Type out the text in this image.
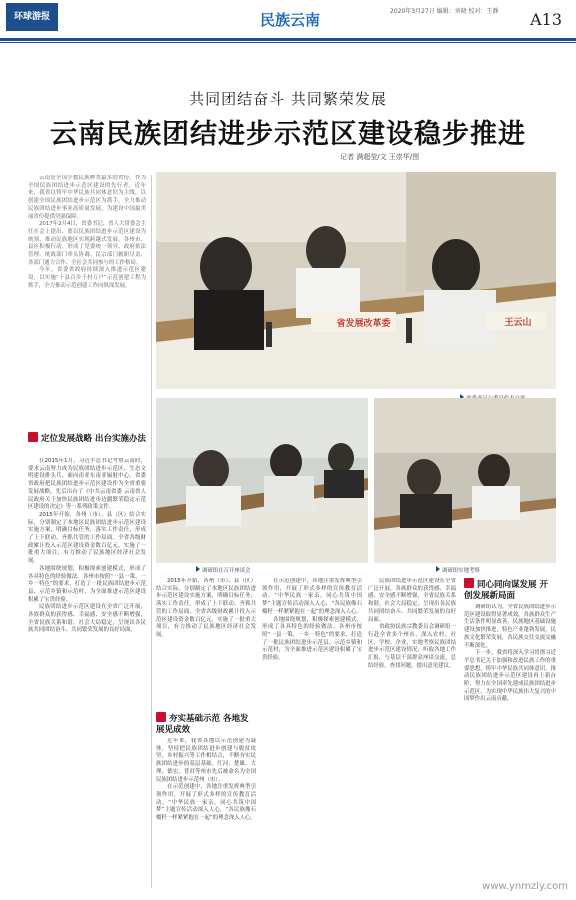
环球游报	民族云南	2020年3月27日 编辑：刘晓 校对：王静 A13
共同团结奋斗 共同繁荣发展
云南民族团结进步示范区建设稳步推进
记者 满超莹/文 王崇华/图

云南是全国少数民族种类最多的省份，作为全国民族团结进步示范区建设的先行者，近年来，我省以铸牢中华民族共同体意识为主线，以创建全国民族团结进步示范区为抓手，全力推动民族团结进步事业高质量发展，为建设中国最美丽省份提供坚强保障。

2017年2月4日，省委书记、省人大常委会主任在会上提出，要以民族团结进步示范区建设为统领，推动民族地区实现跨越式发展。各州市、县区积极行动，形成了党委统一领导、政府依法管理、统战部门牵头协调、民宗部门履职尽责、各部门通力合作、全社会共同参与的工作格局。

今年，省委省政府持续深入推进示范区建设，以实施“十县百乡千村万户”示范创建工程为抓手，全力推动示范创建工作向纵深发展。

省发展改革委	王云山
定位发展战略 出台实施办法

在2015年1月，习近平总书记考察云南时，要求云南努力成为民族团结进步示范区、生态文明建设排头兵、面向南亚东南亚辐射中心。省委省政府把民族团结进步示范区建设作为全省重要发展战略，先后出台了《中共云南省委 云南省人民政府关于加快民族团结进步边疆繁荣稳定示范区建设的决定》等一系列政策文件。

2015年开始，各州（市）、县（区）结合实际，分别制定了本地区民族团结进步示范区建设实施方案，明确目标任务，落实工作责任，形成了上下联动、齐抓共管的工作局面。全省各级财政累计投入示范区建设资金数百亿元，实施了一批重大项目，有力推动了民族地区经济社会发展。

各地围绕规划，积极探索创建模式，形成了各具特色的经验做法。各州市按照“一县一策、一乡一特色”的要求，打造了一批民族团结进步示范县、示范乡镇和示范村，为全面推进示范区建设积累了宝贵经验。

民族团结进步示范区建设在全省广泛开展，各族群众的获得感、幸福感、安全感不断增强，全省民族关系和谐，社会大局稳定，呈现出各民族共同团结奋斗、共同繁荣发展的良好局面。

调研组在召开座谈会	调研组实地考察
夯实基础示范 各地发展见成效

2015年开始，各州（市）、县（区）结合实际，分别制定了本地区民族团结进步示范区建设实施方案，明确目标任务，落实工作责任，形成了上下联动、齐抓共管的工作局面。全省各级财政累计投入示范区建设资金数百亿元，实施了一批重大项目，有力推动了民族地区经济社会发展。

近年来，我省各地以示范创建为载体，坚持把民族团结进步创建与脱贫攻坚、乡村振兴等工作相结合，不断夯实民族团结进步的基层基础。红河、楚雄、大理、德宏、普洱等州市先后被命名为全国民族团结进步示范州（市）。

在示范创建中，各地注重发挥典型引领作用，开展了形式多样的宣传教育活动。“中华民族一家亲，同心共筑中国梦”主题宣传活动深入人心，“各民族像石榴籽一样紧紧抱在一起”的理念深入人心。

在示范创建中，各地注重发挥典型引领作用，开展了形式多样的宣传教育活动。“中华民族一家亲，同心共筑中国梦”主题宣传活动深入人心，“各民族像石榴籽一样紧紧抱在一起”的理念深入人心。

各地围绕规划，积极探索创建模式，形成了各具特色的经验做法。各州市按照“一县一策、一乡一特色”的要求，打造了一批民族团结进步示范县、示范乡镇和示范村，为全面推进示范区建设积累了宝贵经验。

民族团结进步示范区建设在全省广泛开展，各族群众的获得感、幸福感、安全感不断增强，全省民族关系和谐，社会大局稳定，呈现出各民族共同团结奋斗、共同繁荣发展的良好局面。

省政协民族宗教委员会调研组一行赴全省多个州市，深入农村、社区、学校、企业，实地考察民族团结进步示范区建设情况，听取各地工作汇报，与基层干部群众座谈交流，总结经验，查找问题，提出意见建议。

同心同向谋发展 开创发展新局面

调研组认为，全省民族团结进步示范区建设取得显著成效，各族群众生产生活条件明显改善，民族地区基础设施建设加快推进，特色产业蓬勃发展，民族文化繁荣发展，各民族交往交流交融不断深化。

下一步，我省将深入学习贯彻习近平总书记关于加强和改进民族工作的重要思想，铸牢中华民族共同体意识，推动民族团结进步示范区建设再上新台阶，努力在全国率先建成民族团结进步示范区，为实现中华民族伟大复兴的中国梦作出云南贡献。

www.ynmzly.com
